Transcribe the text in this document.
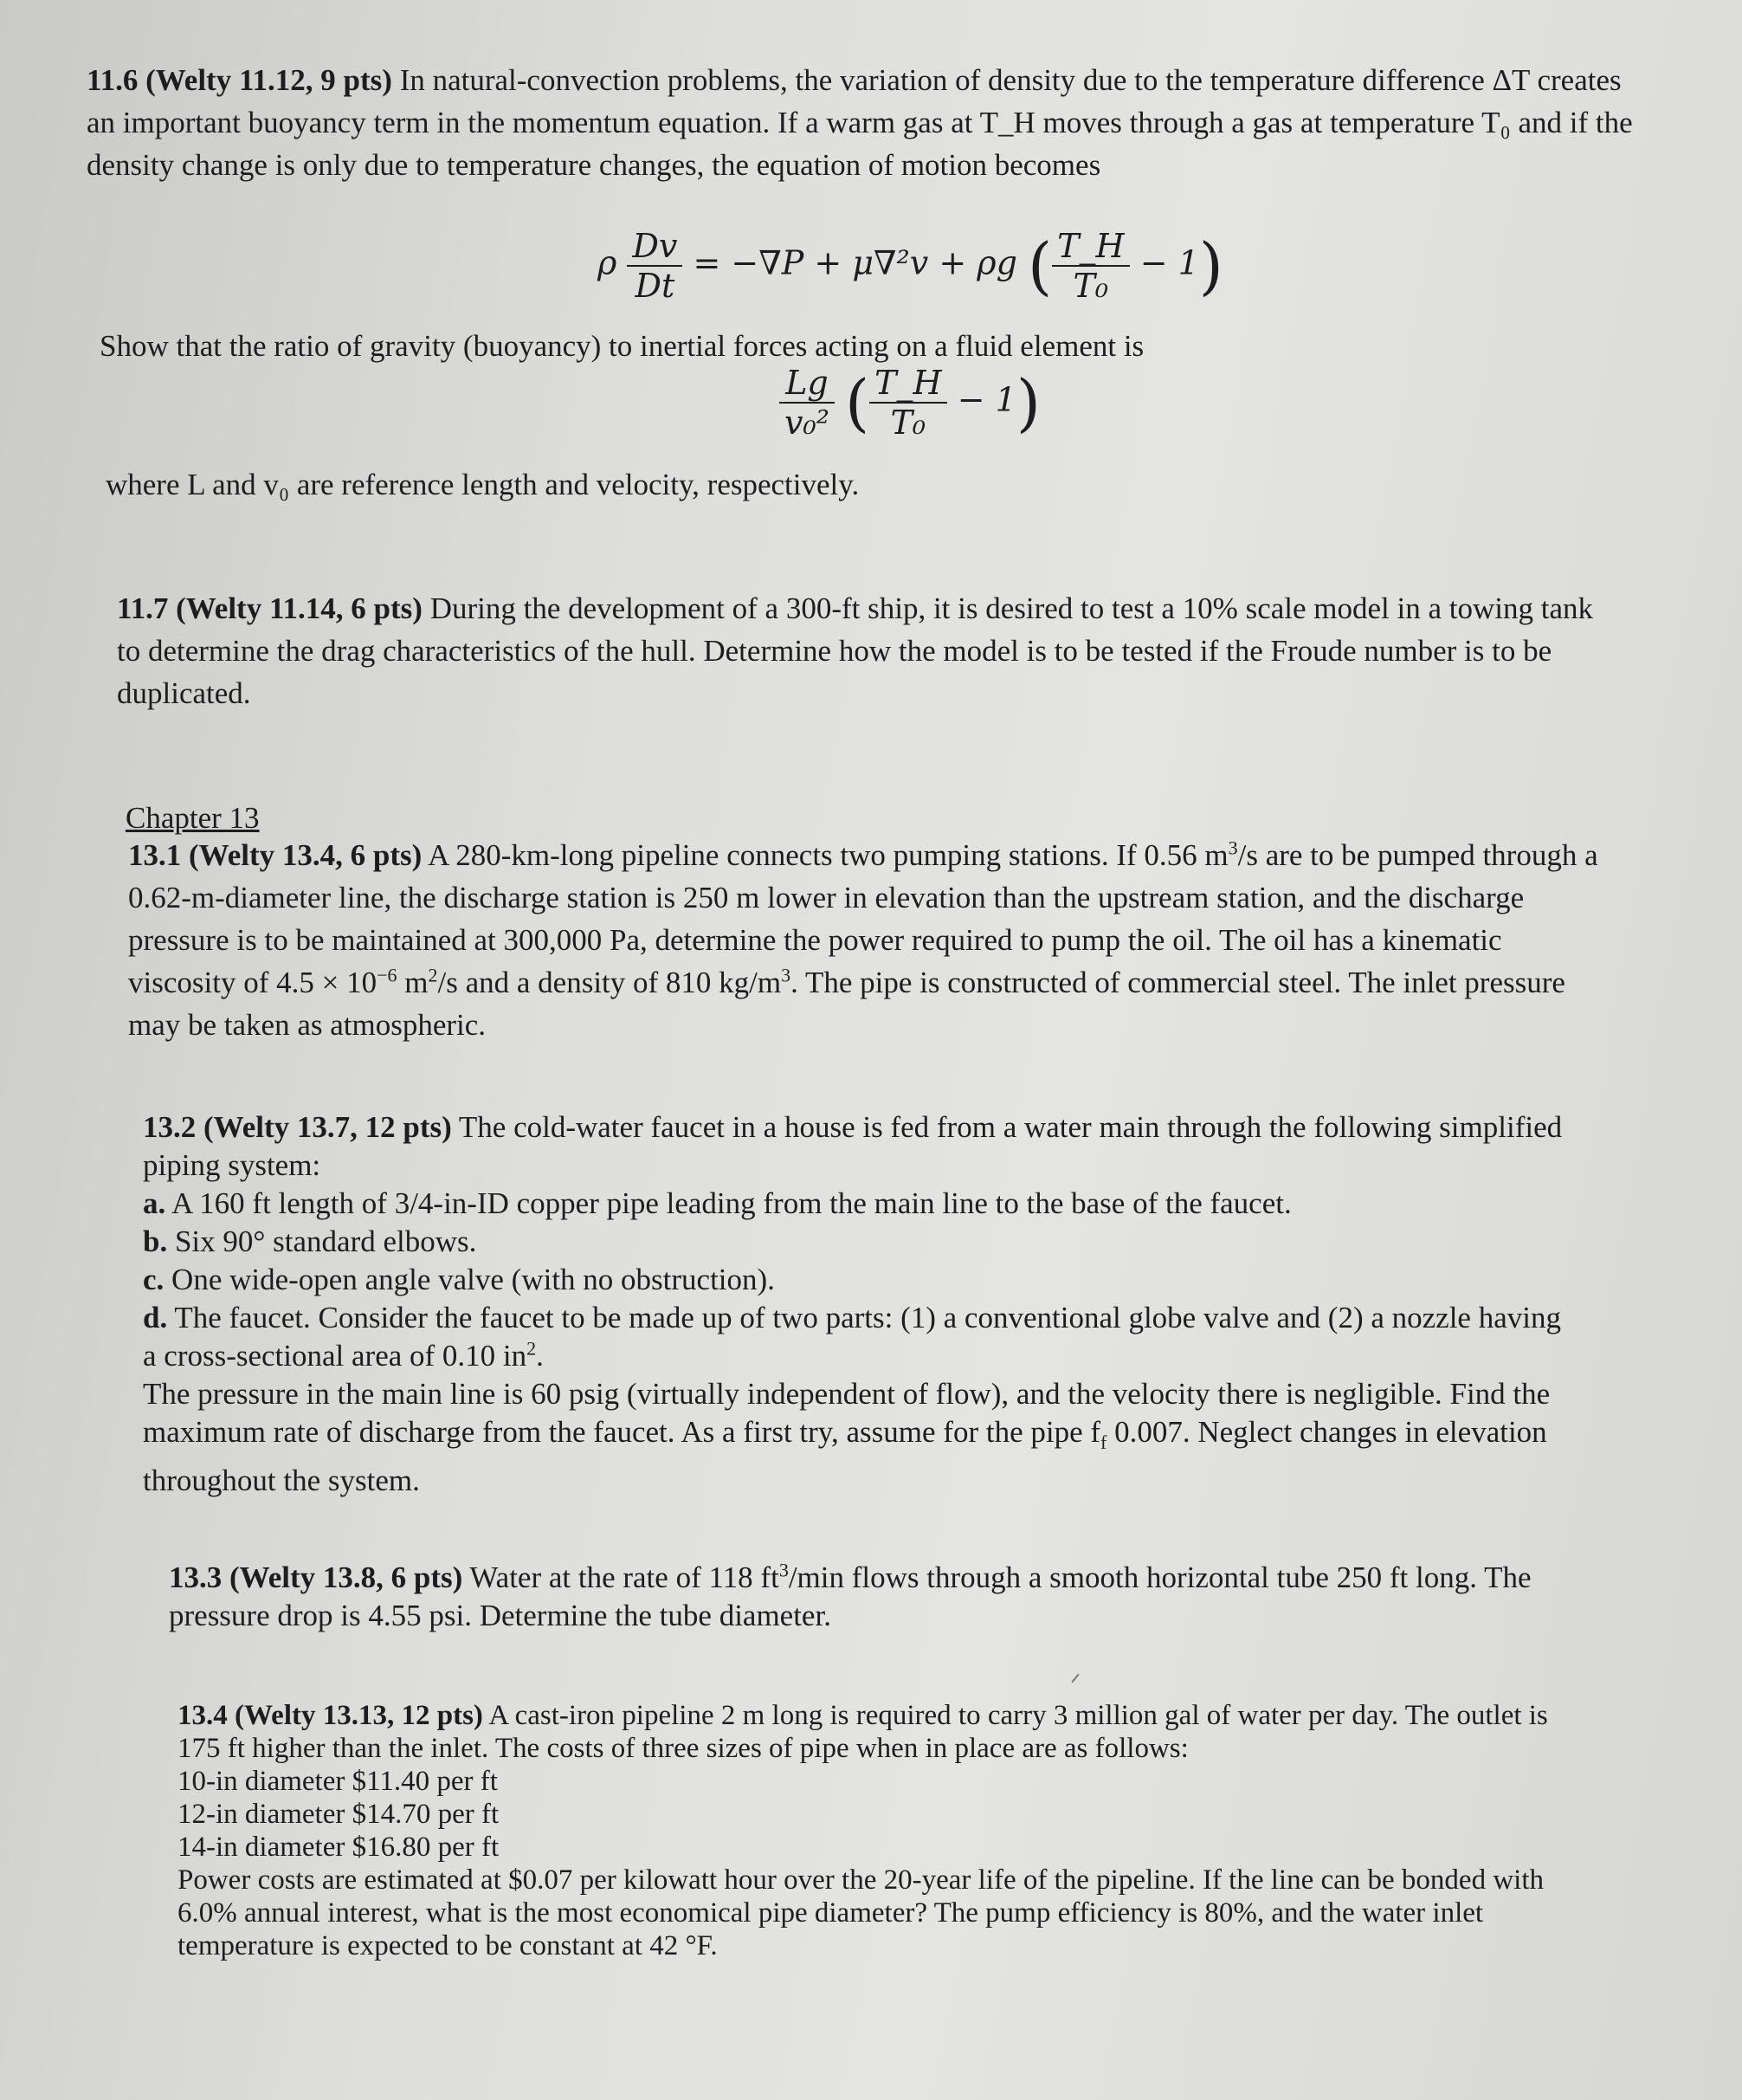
11.6 (Welty 11.12, 9 pts) In natural-convection problems, the variation of density due to the temperature difference ΔT creates an important buoyancy term in the momentum equation. If a warm gas at T_H moves through a gas at temperature T₀ and if the density change is only due to temperature changes, the equation of motion becomes

ρ $\frac{Dv}{Dt} = -\nabla P + \mu\nabla^2v + \rho g$ ( $\frac{T\_H}{\text{T₀}} - 1$)

Show that the ratio of gravity (buoyancy) to inertial forces acting on a fluid element is

$\frac{Lg}{\text{v₀²}}$ ( $\frac{T\_H}{\text{T₀}} - 1$)

where L and v₀ are reference length and velocity, respectively.

11.7 (Welty 11.14, 6 pts) During the development of a 300-ft ship, it is desired to test a 10% scale model in a towing tank to determine the drag characteristics of the hull. Determine how the model is to be tested if the Froude number is to be duplicated.

Chapter 13

13.1 (Welty 13.4, 6 pts) A 280-km-long pipeline connects two pumping stations. If 0.56 $m^3/s$ are to be pumped through a 0.62-m-diameter line, the discharge station is 250 m lower in elevation than the upstream station, and the discharge pressure is to be maintained at 300,000 Pa, determine the power required to pump the oil. The oil has a kinematic viscosity of $4.5 \times 10^{-6}$ $m^2/s$ and a density of 810 $kg/m^3$. The pipe is constructed of commercial steel. The inlet pressure may be taken as atmospheric.

13.2 (Welty 13.7, 12 pts) The cold-water faucet in a house is fed from a water main through the following simplified piping system:

a. A 160 ft length of 3/4-in-ID copper pipe leading from the main line to the base of the faucet.

b. Six 90° standard elbows.

c. One wide-open angle valve (with no obstruction).

d. The faucet. Consider the faucet to be made up of two parts: (1) a conventional globe valve and (2) a nozzle having a cross-sectional area of 0.10 $in^2$.

The pressure in the main line is 60 psig (virtually independent of flow), and the velocity there is negligible. Find the maximum rate of discharge from the faucet. As a first try, assume for the pipe $f_f$ 0.007. Neglect changes in elevation throughout the system.

13.3 (Welty 13.8, 6 pts) Water at the rate of 118 $ft^3/\min$ flows through a smooth horizontal tube 250 ft long. The pressure drop is 4.55 psi. Determine the tube diameter.

13.4 (Welty 13.13, 12 pts) A cast-iron pipeline 2 m long is required to carry 3 million gal of water per day. The outlet is 175 ft higher than the inlet. The costs of three sizes of pipe when in place are as follows:

10-in diameter $11.40 per ft

12-in diameter $14.70 per ft

14-in diameter $16.80 per ft

Power costs are estimated at $0.07 per kilowatt hour over the 20-year life of the pipeline. If the line can be bonded with 6.0% annual interest, what is the most economical pipe diameter? The pump efficiency is 80%, and the water inlet temperature is expected to be constant at 42 °F.
